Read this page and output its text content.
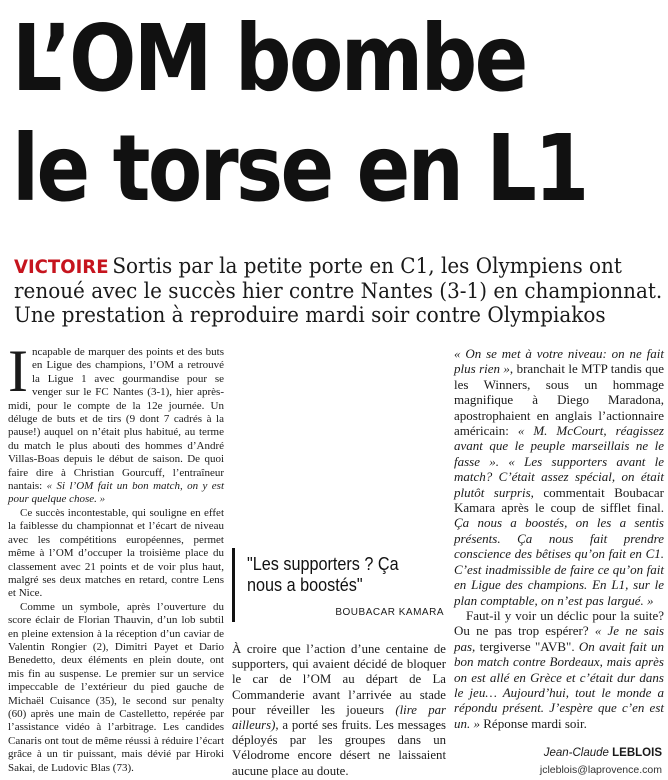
L’OM bombe
le torse en L1

VICTOIRE Sortis par la petite porte en C1, les Olympiens ont

renoué avec le succès hier contre Nantes (3-1) en championnat.

Une prestation à reproduire mardi soir contre Olympiakos

Incapable de marquer des points et des buts en Ligue des champions, l’OM a retrouvé la Ligue 1 avec gourmandise pour se venger sur le FC Nantes (3-1), hier après-midi, pour le compte de la 12e journée. Un déluge de buts et de tirs (9 dont 7 cadrés à la pause!) auquel on n’était plus habitué, au terme du match le plus abouti des hommes d’André Villas-Boas depuis le début de saison. De quoi faire dire à Christian Gourcuff, l’entraîneur nantais: « Si l’OM fait un bon match, on y est pour quelque chose. »

Ce succès incontestable, qui souligne en effet la faiblesse du championnat et l’écart de niveau avec les compétitions européennes, permet même à l’OM d’occuper la troisième place du classement avec 21 points et de voir plus haut, malgré ses deux matches en retard, contre Lens et Nice.

Comme un symbole, après l’ouverture du score éclair de Florian Thauvin, d’un lob subtil en pleine extension à la réception d’un caviar de Valentin Rongier (2), Dimitri Payet et Dario Benedetto, deux éléments en plein doute, ont mis fin au suspense. Le premier sur un service impeccable de l’extérieur du pied gauche de Michaël Cuisance (35), le second sur penalty (60) après une main de Castelletto, repérée par l’assistance vidéo à l’arbitrage. Les candides Canaris ont tout de même réussi à réduire l’écart grâce à un tir puissant, mais dévié par Hiroki Sakai, de Ludovic Blas (73).

"Les supporters ? Ça nous a boostés"
BOUBACAR KAMARA

À croire que l’action d’une centaine de supporters, qui avaient décidé de bloquer le car de l’OM au départ de La Commanderie avant l’arrivée au stade pour réveiller les joueurs (lire par ailleurs), a porté ses fruits. Les messages déployés par les groupes dans un Vélodrome encore désert ne laissaient aucune place au doute.

« On se met à votre niveau: on ne fait plus rien », branchait le MTP tandis que les Winners, sous un hommage magnifique à Diego Maradona, apostrophaient en anglais l’actionnaire américain: « M. McCourt, réagissez avant que le peuple marseillais ne le fasse ». « Les supporters avant le match? C’était assez spécial, on était plutôt surpris, commentait Boubacar Kamara après le coup de sifflet final. Ça nous a boostés, on les a sentis présents. Ça nous fait prendre conscience des bêtises qu’on fait en C1. C’est inadmissible de faire ce qu’on fait en Ligue des champions. En L1, sur le plan comptable, on n’est pas largué. »

Faut-il y voir un déclic pour la suite? Ou ne pas trop espérer? « Je ne sais pas, tergiverse "AVB". On avait fait un bon match contre Bordeaux, mais après on est allé en Grèce et c’était dur dans le jeu… Aujourd’hui, tout le monde a répondu présent. J’espère que c’en est un. » Réponse mardi soir.

Jean-Claude LEBLOIS
jcleblois@laprovence.com
